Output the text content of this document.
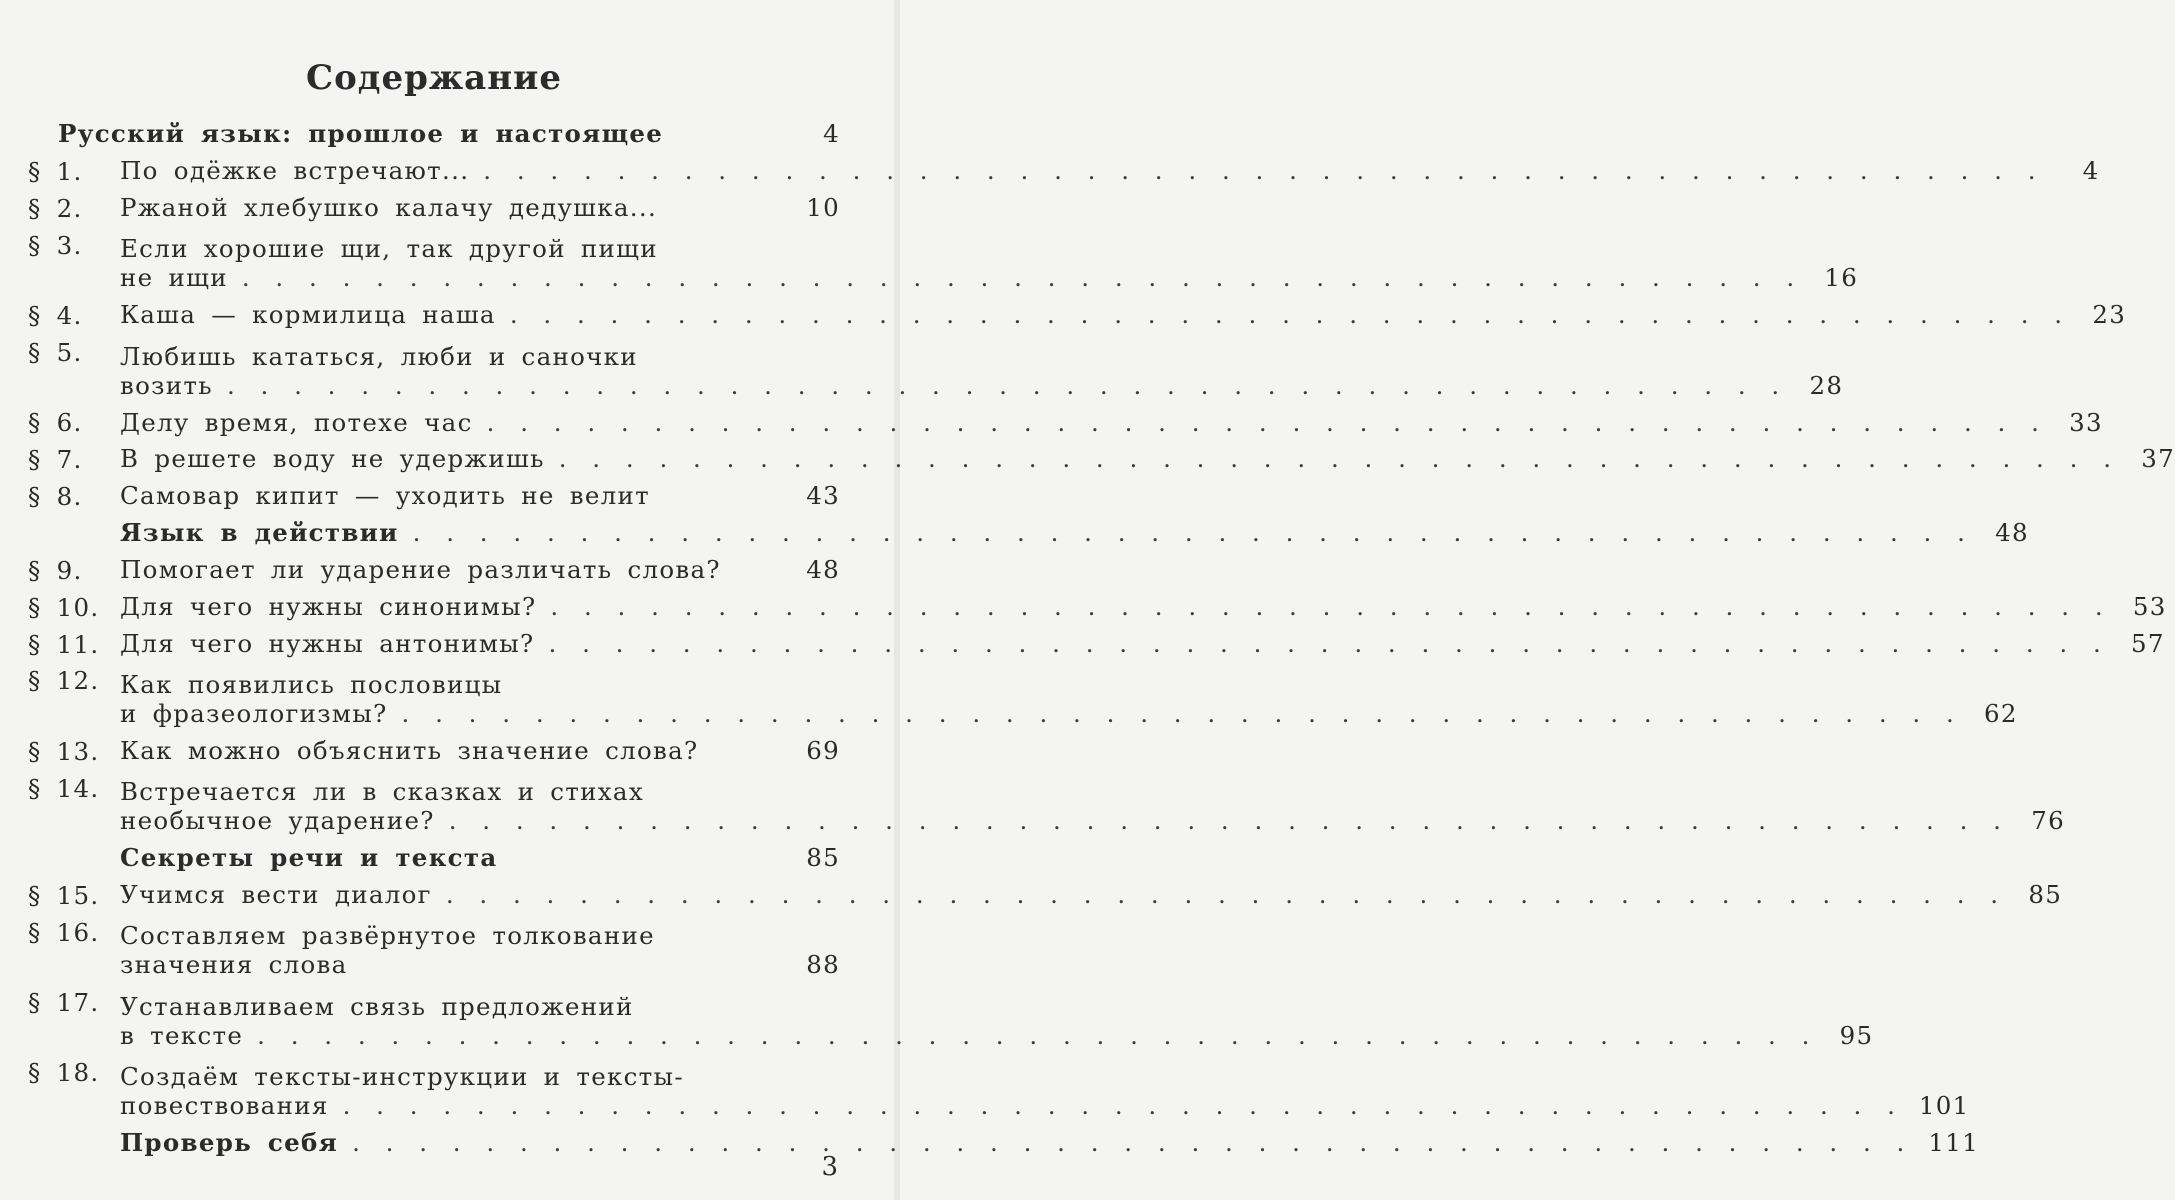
Содержание
Русский язык: прошлое и настоящее	4
§ 1.	По одёжке встречают... . . .	4
§ 2.	Ржаной хлебушко калачу дедушка...	10
§ 3.	Если хорошие щи, так другой пищи
не ищи . . .	16
§ 4.	Каша — кормилица наша . . .	23
§ 5.	Любишь кататься, люби и саночки
возить . . .	28
§ 6.	Делу время, потехе час . . .	33
§ 7.	В решете воду не удержишь . . .	37
§ 8.	Самовар кипит — уходить не велит	43
Язык в действии . . .	48
§ 9.	Помогает ли ударение различать слова?	48
§ 10. Для чего нужны синонимы? . . .	53
§ 11. Для чего нужны антонимы? . . .	57
§ 12. Как появились пословицы
и фразеологизмы? . . .	62
§ 13. Как можно объяснить значение слова?	69
§ 14. Встречается ли в сказках и стихах
необычное ударение? . . .	76
Секреты речи и текста	85
§ 15. Учимся вести диалог . . .	85
§ 16. Составляем развёрнутое толкование
значения слова	88
§ 17. Устанавливаем связь предложений
в тексте . . .	95
§ 18. Создаём тексты-инструкции и тексты-
повествования . . .	101
Проверь себя . . .	111
3
